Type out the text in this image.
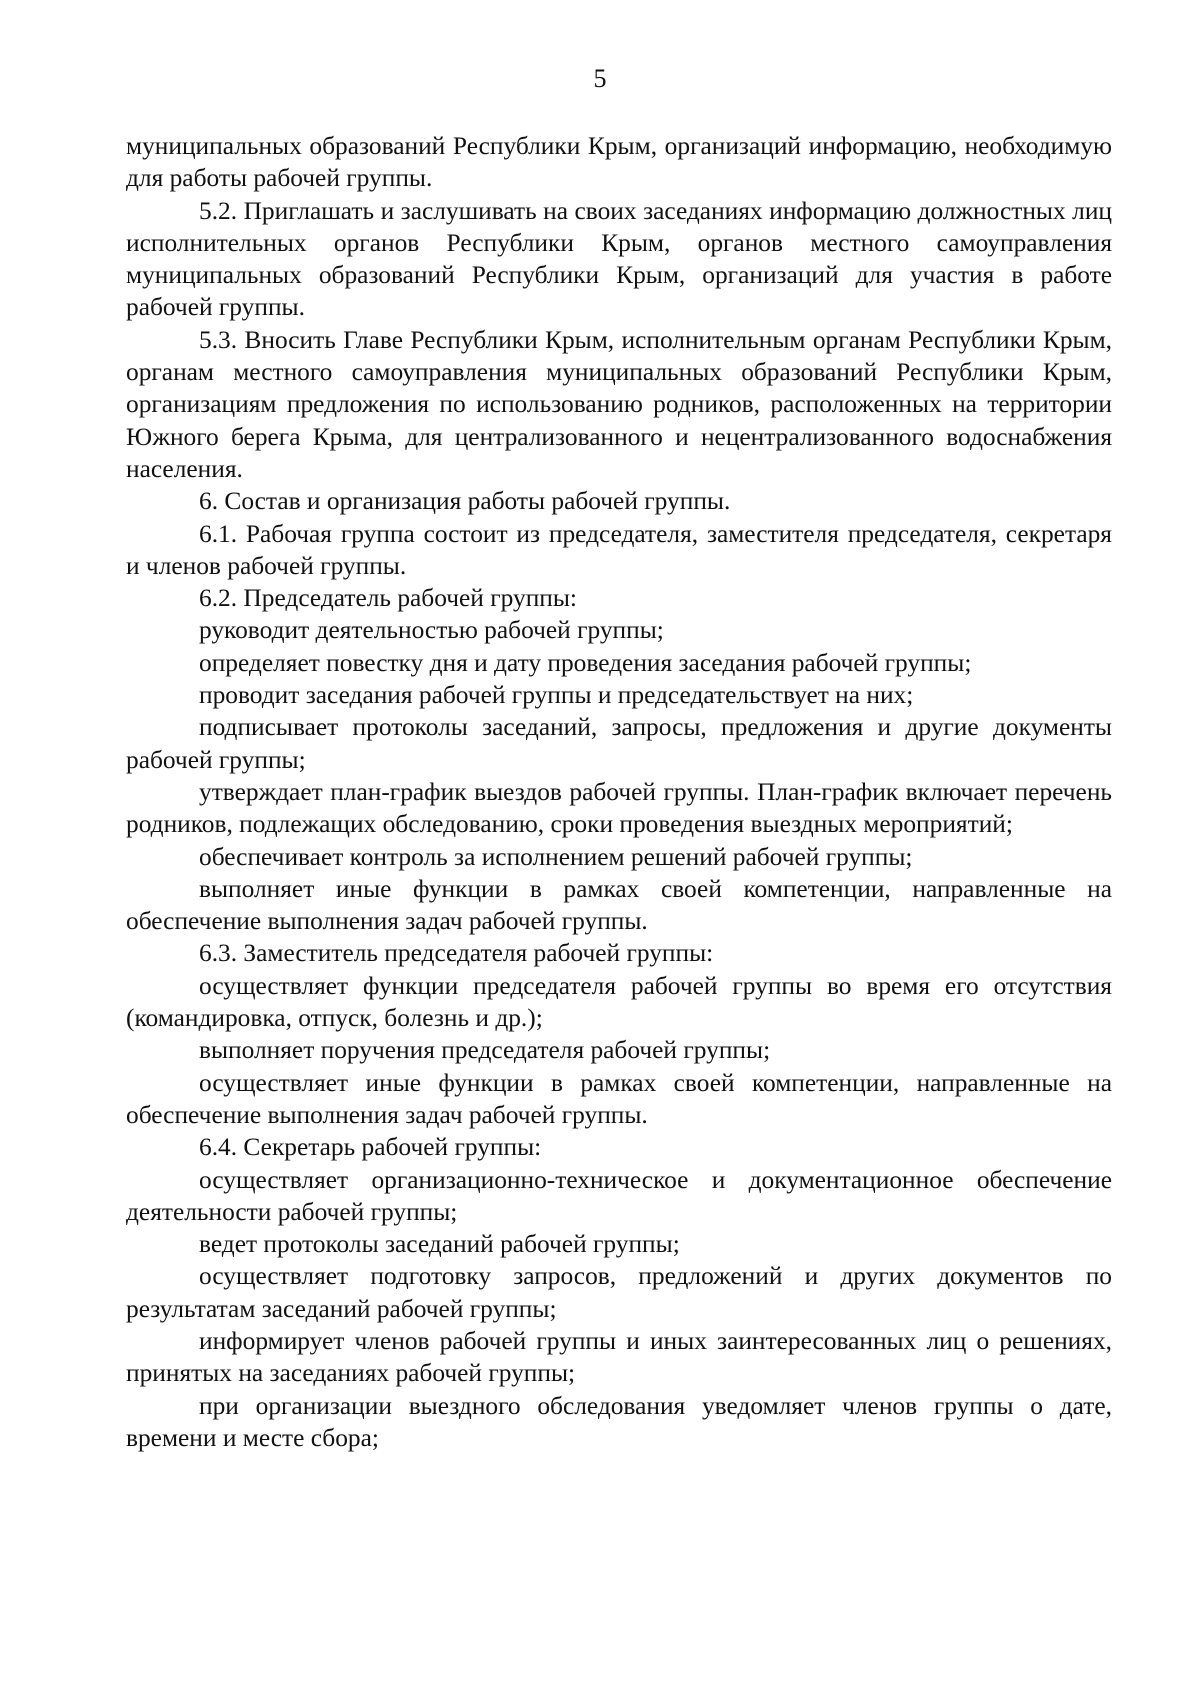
5

муниципальных образований Республики Крым, организаций информацию, необходимую для работы рабочей группы.

5.2. Приглашать и заслушивать на своих заседаниях информацию должностных лиц исполнительных органов Республики Крым, органов местного самоуправления муниципальных образований Республики Крым, организаций для участия в работе рабочей группы.

5.3. Вносить Главе Республики Крым, исполнительным органам Республики Крым, органам местного самоуправления муниципальных образований Республики Крым, организациям предложения по использованию родников, расположенных на территории Южного берега Крыма, для централизованного и нецентрализованного водоснабжения населения.

6. Состав и организация работы рабочей группы.

6.1. Рабочая группа состоит из председателя, заместителя председателя, секретаря и членов рабочей группы.

6.2. Председатель рабочей группы:

руководит деятельностью рабочей группы;

определяет повестку дня и дату проведения заседания рабочей группы;

проводит заседания рабочей группы и председательствует на них;

подписывает протоколы заседаний, запросы, предложения и другие документы рабочей группы;

утверждает план-график выездов рабочей группы. План-график включает перечень родников, подлежащих обследованию, сроки проведения выездных мероприятий;

обеспечивает контроль за исполнением решений рабочей группы;

выполняет иные функции в рамках своей компетенции, направленные на обеспечение выполнения задач рабочей группы.

6.3. Заместитель председателя рабочей группы:

осуществляет функции председателя рабочей группы во время его отсутствия (командировка, отпуск, болезнь и др.);

выполняет поручения председателя рабочей группы;

осуществляет иные функции в рамках своей компетенции, направленные на обеспечение выполнения задач рабочей группы.

6.4. Секретарь рабочей группы:

осуществляет организационно-техническое и документационное обеспечение деятельности рабочей группы;

ведет протоколы заседаний рабочей группы;

осуществляет подготовку запросов, предложений и других документов по результатам заседаний рабочей группы;

информирует членов рабочей группы и иных заинтересованных лиц о решениях, принятых на заседаниях рабочей группы;

при организации выездного обследования уведомляет членов группы о дате, времени и месте сбора;
